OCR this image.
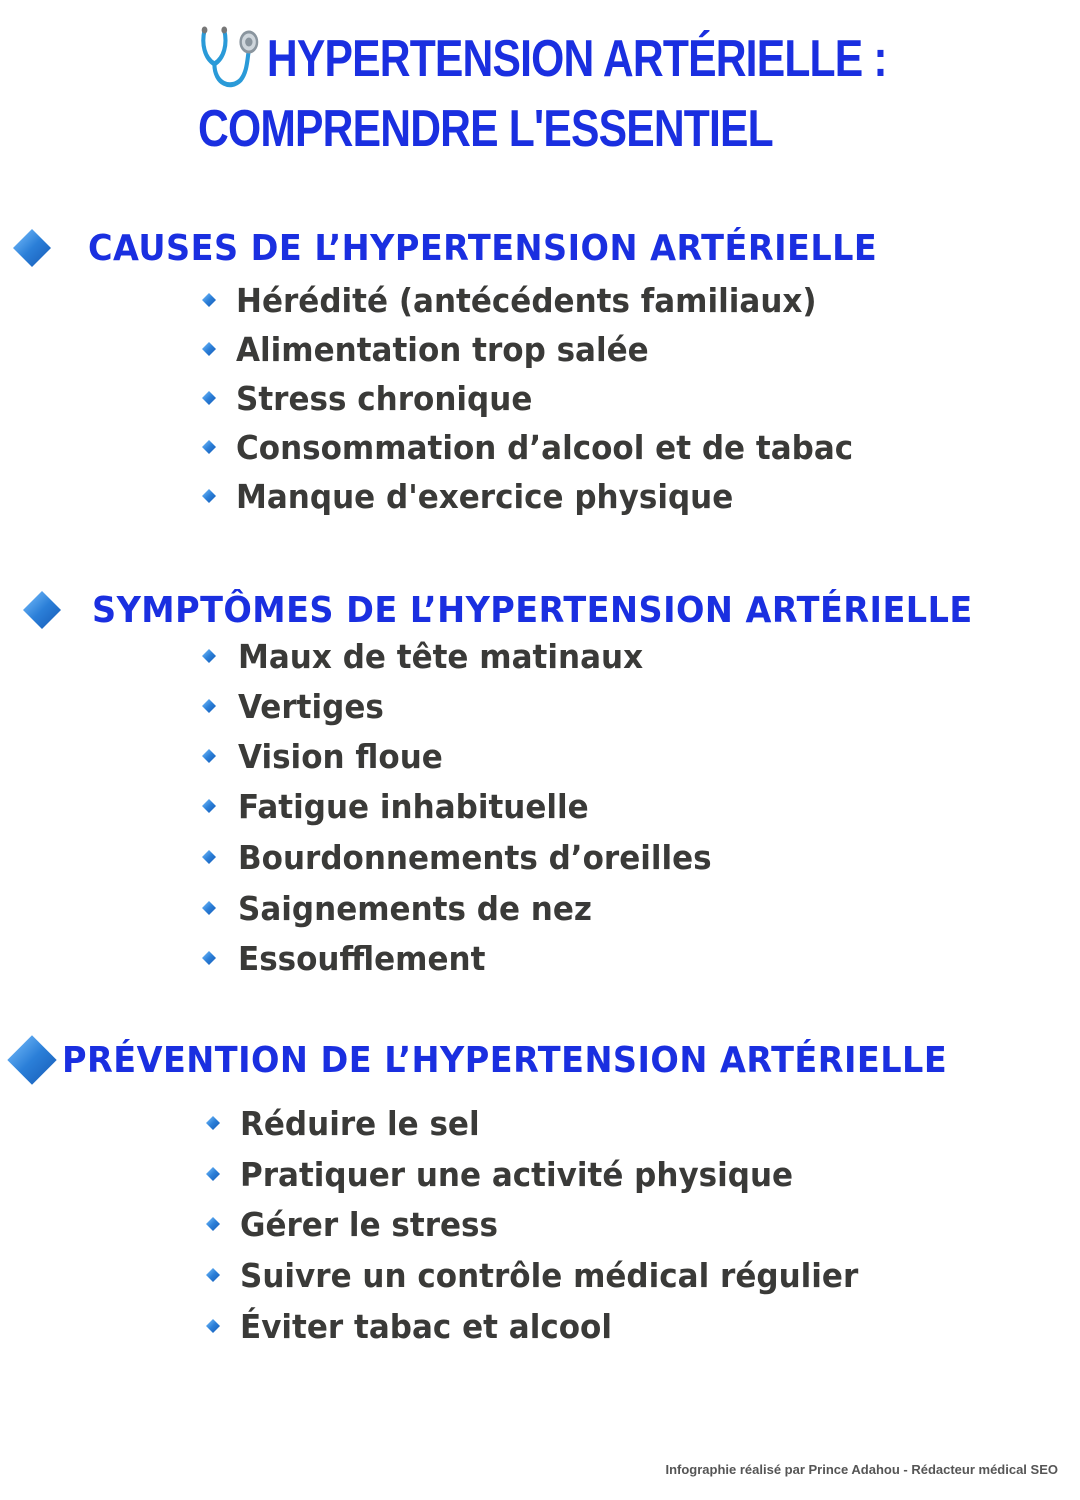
HYPERTENSION ARTÉRIELLE :
COMPRENDRE L'ESSENTIEL
CAUSES DE L’HYPERTENSION ARTÉRIELLE
Hérédité (antécédents familiaux)
Alimentation trop salée
Stress chronique
Consommation d’alcool et de tabac
Manque d'exercice physique
SYMPTÔMES DE L’HYPERTENSION ARTÉRIELLE
Maux de tête matinaux
Vertiges
Vision floue
Fatigue inhabituelle
Bourdonnements d’oreilles
Saignements de nez
Essoufflement
PRÉVENTION DE L’HYPERTENSION ARTÉRIELLE
Réduire le sel
Pratiquer une activité physique
Gérer le stress
Suivre un contrôle médical régulier
Éviter tabac et alcool
Infographie réalisé par Prince Adahou - Rédacteur médical SEO
